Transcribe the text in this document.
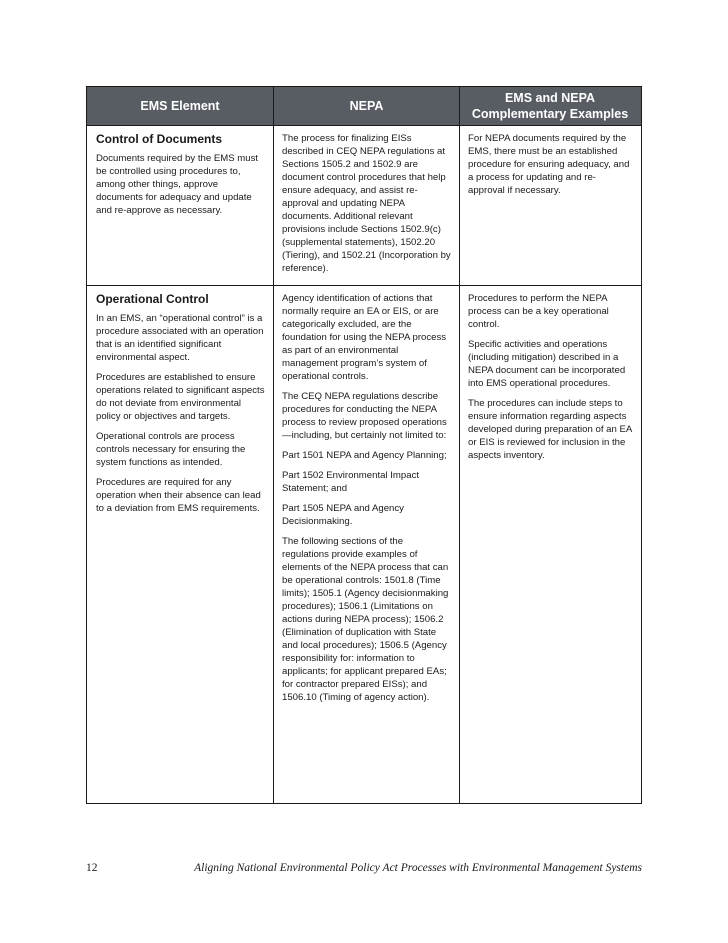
EMS Element	NEPA
EMS and NEPA
Complementary Examples
Control of Documents

Documents required by the EMS must be controlled using procedures to, among other things, approve documents for adequacy and update and re-approve as necessary.

The process for finalizing EISs described in CEQ NEPA regulations at Sections 1505.2 and 1502.9 are document control procedures that help ensure adequacy, and assist re-approval and updating NEPA documents. Additional relevant provisions include Sections 1502.9(c) (supplemental statements), 1502.20 (Tiering), and 1502.21 (Incorporation by reference).

For NEPA documents required by the EMS, there must be an established procedure for ensuring adequacy, and a process for updating and re-approval if necessary.

Operational Control

In an EMS, an “operational control” is a procedure associated with an operation that is an identified significant environmental aspect.

Procedures are established to ensure operations related to significant aspects do not deviate from environmental policy or objectives and targets.

Operational controls are process controls necessary for ensuring the system functions as intended.

Procedures are required for any operation when their absence can lead to a deviation from EMS requirements.

Agency identification of actions that normally require an EA or EIS, or are categorically excluded, are the foundation for using the NEPA process as part of an environmental management program’s system of operational controls.

The CEQ NEPA regulations describe procedures for conducting the NEPA process to review proposed operations—including, but certainly not limited to:

Part 1501 NEPA and Agency Planning;

Part 1502 Environmental Impact Statement; and

Part 1505 NEPA and Agency Decisionmaking.

The following sections of the regulations provide examples of elements of the NEPA process that can be operational controls: 1501.8 (Time limits); 1505.1 (Agency decisionmaking procedures); 1506.1 (Limitations on actions during NEPA process); 1506.2 (Elimination of duplication with State and local procedures); 1506.5 (Agency responsibility for: information to applicants; for applicant prepared EAs; for contractor prepared EISs); and 1506.10 (Timing of agency action).

Procedures to perform the NEPA process can be a key operational control.

Specific activities and operations (including mitigation) described in a NEPA document can be incorporated into EMS operational procedures.

The procedures can include steps to ensure information regarding aspects developed during preparation of an EA or EIS is reviewed for inclusion in the aspects inventory.

12	Aligning National Environmental Policy Act Processes with Environmental Management Systems
